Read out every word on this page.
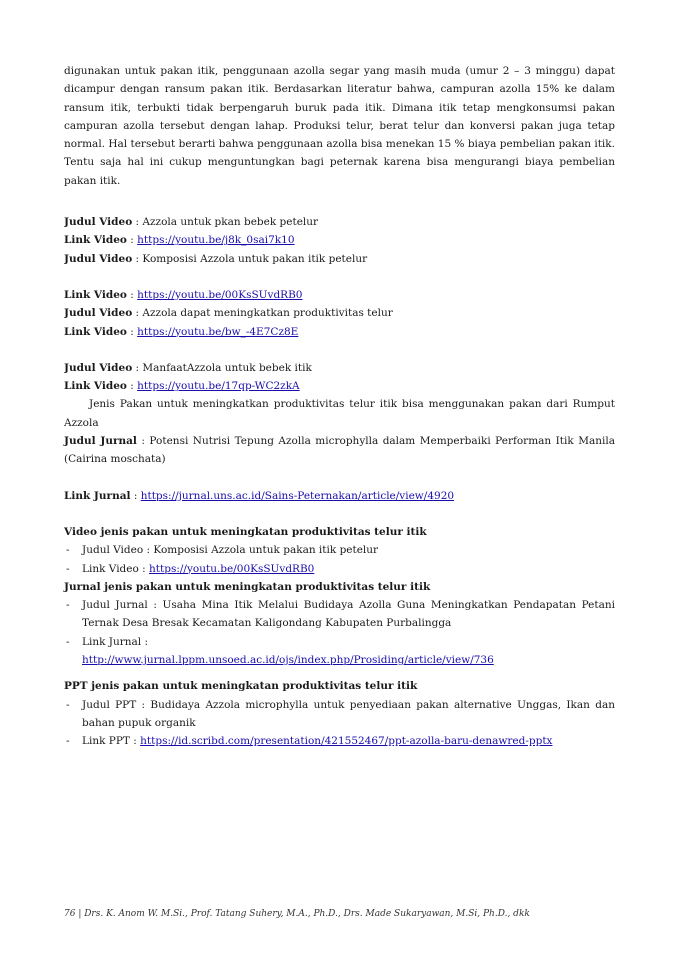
digunakan untuk pakan itik, penggunaan azolla segar yang masih muda (umur 2 – 3 minggu) dapat dicampur dengan ransum pakan itik. Berdasarkan literatur bahwa, campuran azolla 15% ke dalam ransum itik, terbukti tidak berpengaruh buruk pada itik. Dimana itik tetap mengkonsumsi pakan campuran azolla tersebut dengan lahap. Produksi telur, berat telur dan konversi pakan juga tetap normal. Hal tersebut berarti bahwa penggunaan azolla bisa menekan 15 % biaya pembelian pakan itik. Tentu saja hal ini cukup menguntungkan bagi peternak karena bisa mengurangi biaya pembelian pakan itik.

Judul Video : Azzola untuk pkan bebek petelur

Link Video : https://youtu.be/j8k_0sai7k10

Judul Video : Komposisi Azzola untuk pakan itik petelur

Link Video : https://youtu.be/00KsSUvdRB0

Judul Video : Azzola dapat meningkatkan produktivitas telur

Link Video : https://youtu.be/bw_-4E7Cz8E

Judul Video : ManfaatAzzola untuk bebek itik

Link Video : https://youtu.be/17qp-WC2zkA

Jenis Pakan untuk meningkatkan produktivitas telur itik bisa menggunakan pakan dari Rumput Azzola

Judul Jurnal : Potensi Nutrisi Tepung Azolla microphylla dalam Memperbaiki Performan Itik Manila (Cairina moschata)

Link Jurnal : https://jurnal.uns.ac.id/Sains-Peternakan/article/view/4920

Video jenis pakan untuk meningkatan produktivitas telur itik

- Judul Video : Komposisi Azzola untuk pakan itik petelur
- Link Video : https://youtu.be/00KsSUvdRB0

Jurnal jenis pakan untuk meningkatan produktivitas telur itik

- Judul Jurnal : Usaha Mina Itik Melalui Budidaya Azolla Guna Meningkatkan Pendapatan Petani Ternak Desa Bresak Kecamatan Kaligondang Kabupaten Purbalingga
- Link Jurnal :
http://www.jurnal.lppm.unsoed.ac.id/ojs/index.php/Prosiding/article/view/736

PPT jenis pakan untuk meningkatan produktivitas telur itik

- Judul PPT : Budidaya Azzola microphylla untuk penyediaan pakan alternative Unggas, Ikan dan bahan pupuk organik
- Link PPT : https://id.scribd.com/presentation/421552467/ppt-azolla-baru-denawred-pptx
76 | Drs. K. Anom W. M.Si., Prof. Tatang Suhery, M.A., Ph.D., Drs. Made Sukaryawan, M.Si, Ph.D., dkk
